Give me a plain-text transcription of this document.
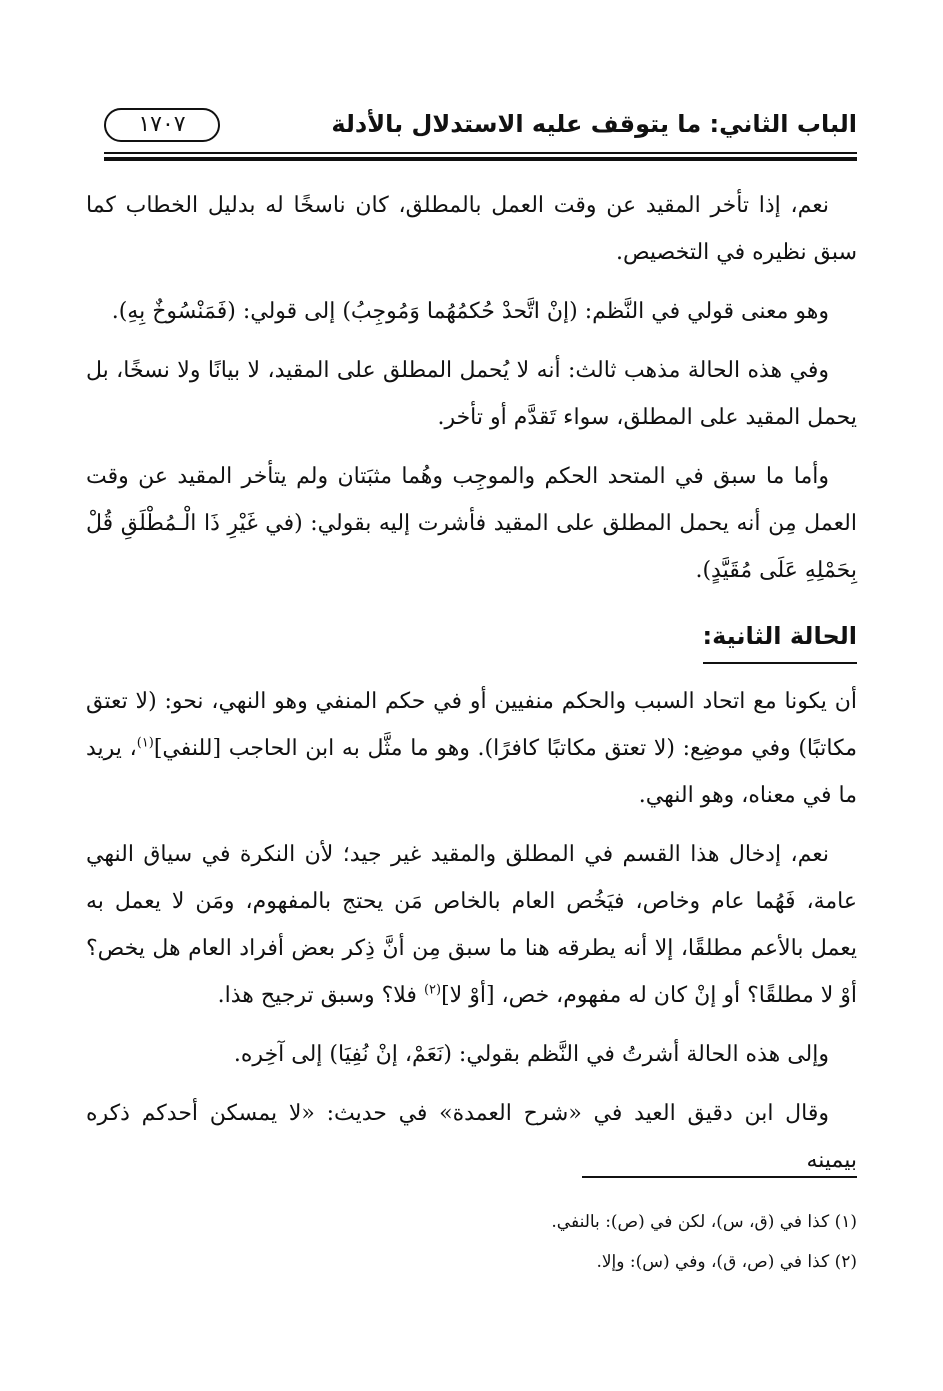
الباب الثاني: ما يتوقف عليه الاستدلال بالأدلة
١٧٠٧

نعم، إذا تأخر المقيد عن وقت العمل بالمطلق، كان ناسخًا له بدليل الخطاب كما سبق نظيره في التخصيص.

وهو معنى قولي في النَّظم: (إنْ اتَّحدْ حُكمُهُما وَمُوجِبُ) إلى قولي: (فَمَنْسُوخٌ بِهِ).

وفي هذه الحالة مذهب ثالث: أنه لا يُحمل المطلق على المقيد، لا بيانًا ولا نسخًا، بل يحمل المقيد على المطلق، سواء تَقدَّم أو تأخر.

وأما ما سبق في المتحد الحكم والموجِب وهُما مثبَتان ولم يتأخر المقيد عن وقت العمل مِن أنه يحمل المطلق على المقيد فأشرت إليه بقولي: (في غَيْرِ ذَا الْـمُطْلَقِ قُلْ بِحَمْلِهِ عَلَى مُقَيَّدٍ).

الحالة الثانية:

أن يكونا مع اتحاد السبب والحكم منفيين أو في حكم المنفي وهو النهي، نحو: (لا تعتق مكاتبًا) وفي موضِع: (لا تعتق مكاتبًا كافرًا). وهو ما مثَّل به ابن الحاجب [للنفي]$^{(١)}$، يريد ما في معناه، وهو النهي.

نعم، إدخال هذا القسم في المطلق والمقيد غير جيد؛ لأن النكرة في سياق النهي عامة، فَهُما عام وخاص، فيَخُص العام بالخاص مَن يحتج بالمفهوم، ومَن لا يعمل به يعمل بالأعم مطلقًا، إلا أنه يطرقه هنا ما سبق مِن أنَّ ذِكر بعض أفراد العام هل يخص؟ أوْ لا مطلقًا؟ أو إنْ كان له مفهوم، خص، [أوْ لا]$^{(٢)}$ فلا؟ وسبق ترجيح هذا.

وإلى هذه الحالة أشرتُ في النَّظم بقولي: (نَعَمْ، إنْ نُفِيَا) إلى آخِره.

وقال ابن دقيق العيد في «شرح العمدة» في حديث: «لا يمسكن أحدكم ذكره بيمينه

(١) كذا في (ق، س)، لكن في (ص): بالنفي.
(٢) كذا في (ص، ق)، وفي (س): وإلا.
